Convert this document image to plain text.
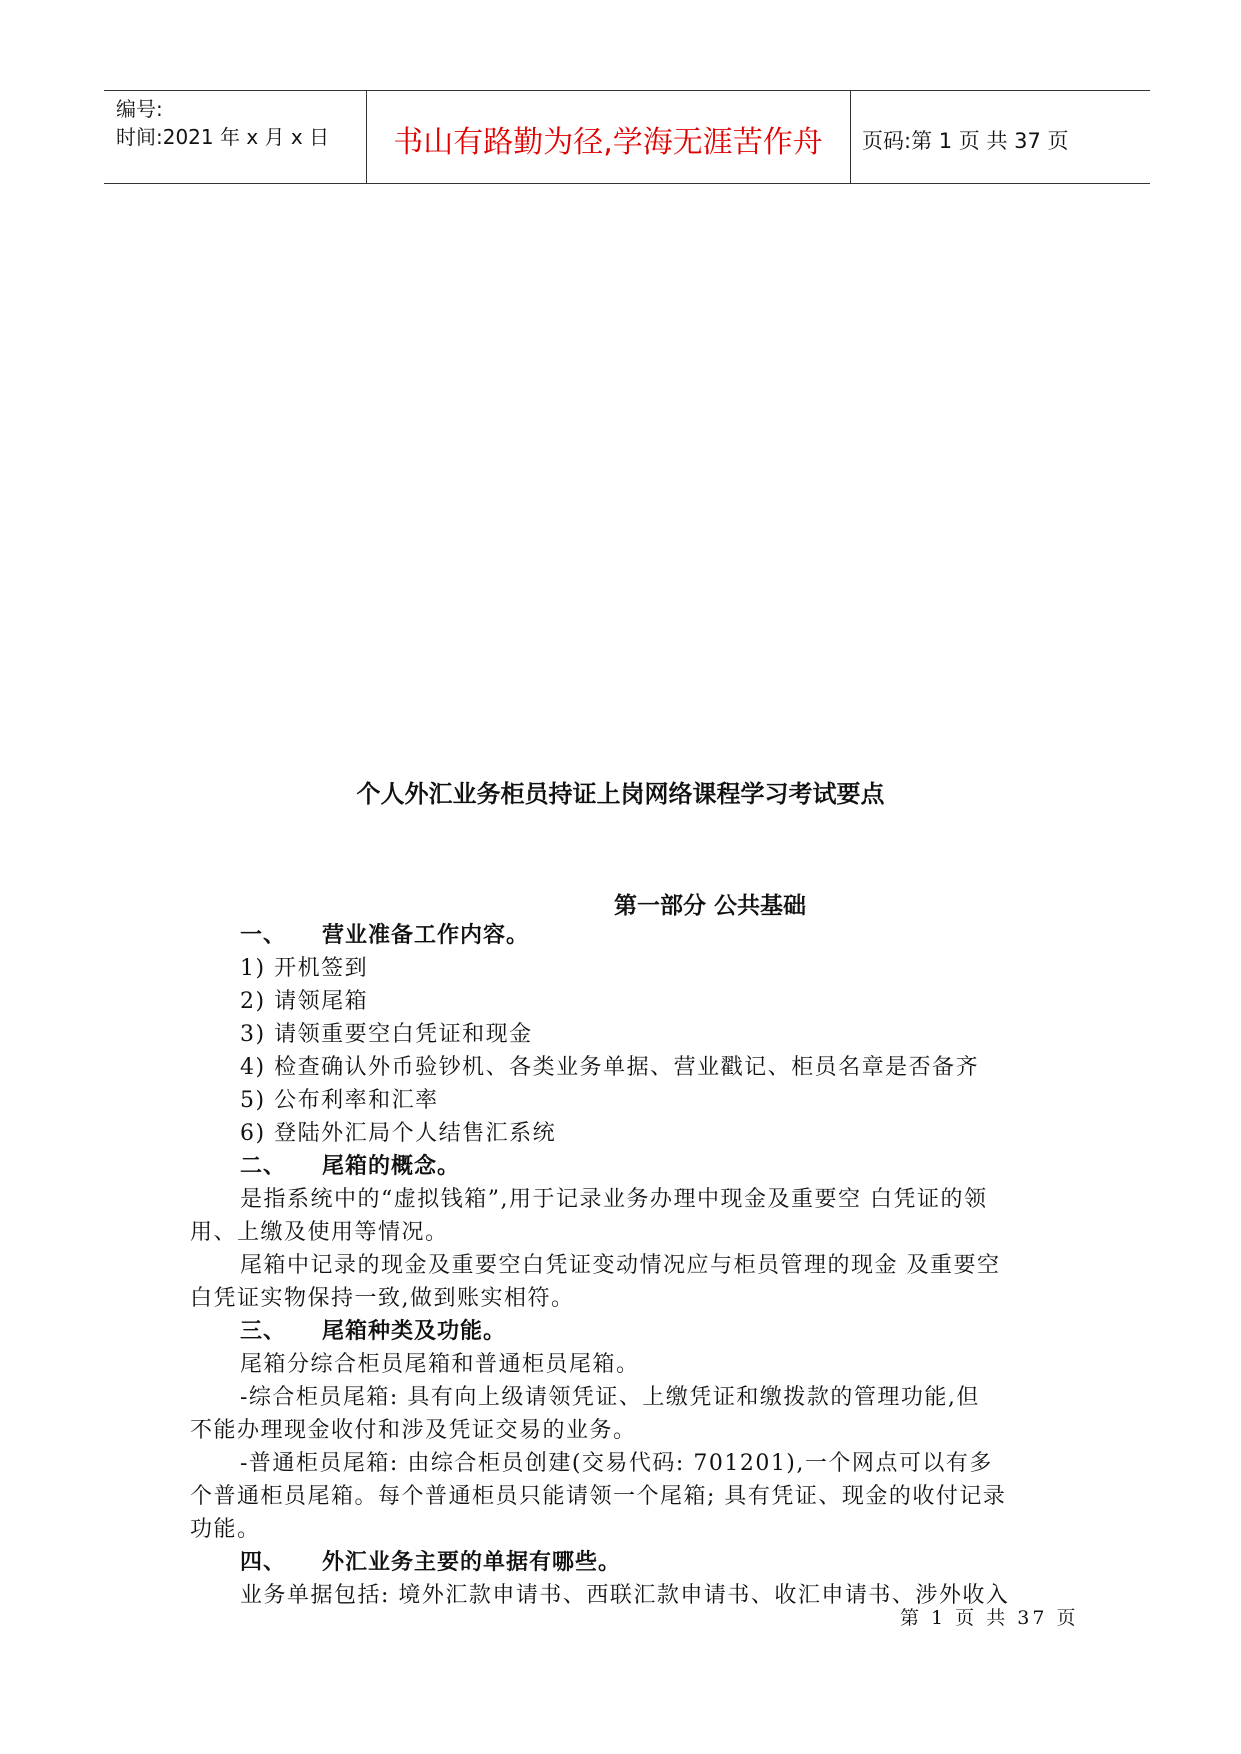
编号:
时间:2021 年 x 月 x 日	书山有路勤为径,学海无涯苦作舟	页码:第 1 页 共 37 页
个人外汇业务柜员持证上岗网络课程学习考试要点
第一部分 公共基础
一、 营业准备工作内容。
1) 开机签到
2) 请领尾箱
3) 请领重要空白凭证和现金
4) 检查确认外币验钞机、各类业务单据、营业戳记、柜员名章是否备齐
5) 公布利率和汇率
6) 登陆外汇局个人结售汇系统
二、 尾箱的概念。
是指系统中的“虚拟钱箱”,用于记录业务办理中现金及重要空 白凭证的领
用、上缴及使用等情况。
尾箱中记录的现金及重要空白凭证变动情况应与柜员管理的现金 及重要空
白凭证实物保持一致,做到账实相符。
三、 尾箱种类及功能。
尾箱分综合柜员尾箱和普通柜员尾箱。
-综合柜员尾箱: 具有向上级请领凭证、上缴凭证和缴拨款的管理功能,但
不能办理现金收付和涉及凭证交易的业务。
-普通柜员尾箱: 由综合柜员创建(交易代码: 701201),一个网点可以有多
个普通柜员尾箱。每个普通柜员只能请领一个尾箱; 具有凭证、现金的收付记录
功能。
四、 外汇业务主要的单据有哪些。
业务单据包括: 境外汇款申请书、西联汇款申请书、收汇申请书、涉外收入
第 1 页 共 37 页
